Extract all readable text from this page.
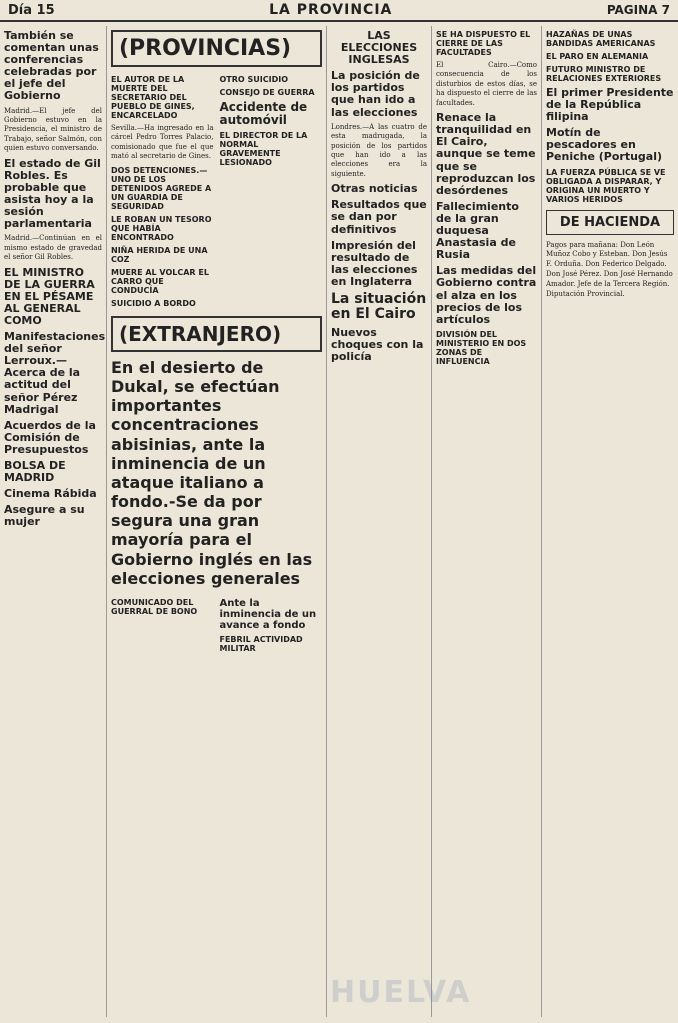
Día 15	LA PROVINCIA	PAGINA 7
También se comentan unas conferencias celebradas por el jefe del Gobierno

Madrid.—El jefe del Gobierno estuvo en la Presidencia, el ministro de Trabajo, señor Salmón, con quien estuvo conversando.

El estado de Gil Robles. Es probable que asista hoy a la sesión parlamentaria

Madrid.—Continúan en el mismo estado de gravedad el señor Gil Robles.

EL MINISTRO DE LA GUERRA EN EL PÉSAME AL GENERAL COMO
Manifestaciones del señor Lerroux.—Acerca de la actitud del señor Pérez Madrigal
Acuerdos de la Comisión de Presupuestos
BOLSA DE MADRID
Cinema Rábida
Asegure a su mujer
(PROVINCIAS)
EL AUTOR DE LA MUERTE DEL SECRETARIO DEL PUEBLO DE GINES, ENCARCELADO

Sevilla.—Ha ingresado en la cárcel Pedro Torres Palacio, comisionado que fue el que mató al secretario de Gines.

DOS DETENCIONES.—UNO DE LOS DETENIDOS AGREDE A UN GUARDIA DE SEGURIDAD
LE ROBAN UN TESORO QUE HABÍA ENCONTRADO
NIÑA HERIDA DE UNA COZ
MUERE AL VOLCAR EL CARRO QUE CONDUCÍA
SUICIDIO A BORDO
OTRO SUICIDIO
CONSEJO DE GUERRA
Accidente de automóvil
EL DIRECTOR DE LA NORMAL GRAVEMENTE LESIONADO
(EXTRANJERO)
En el desierto de Dukal, se efectúan importantes concentraciones abisinias, ante la inminencia de un ataque italiano a fondo.-Se da por segura una gran mayoría para el Gobierno inglés en las elecciones generales
COMUNICADO DEL GUERRAL DE BONO
Ante la inminencia de un avance a fondo
FEBRIL ACTIVIDAD MILITAR
LAS ELECCIONES INGLESAS
La posición de los partidos que han ido a las elecciones

Londres.—A las cuatro de esta madrugada, la posición de los partidos que han ido a las elecciones era la siguiente.

Otras noticias
Resultados que se dan por definitivos
Impresión del resultado de las elecciones en Inglaterra
La situación en El Cairo
Nuevos choques con la policía
SE HA DISPUESTO EL CIERRE DE LAS FACULTADES

El Cairo.—Como consecuencia de los disturbios de estos días, se ha dispuesto el cierre de las facultades.

Renace la tranquilidad en El Cairo, aunque se teme que se reproduzcan los desórdenes
Fallecimiento de la gran duquesa Anastasia de Rusia
Las medidas del Gobierno contra el alza en los precios de los artículos
DIVISIÓN DEL MINISTERIO EN DOS ZONAS DE INFLUENCIA
HAZAÑAS DE UNAS BANDIDAS AMERICANAS
EL PARO EN ALEMANIA
FUTURO MINISTRO DE RELACIONES EXTERIORES
El primer Presidente de la República filipina
Motín de pescadores en Peniche (Portugal)
LA FUERZA PÚBLICA SE VE OBLIGADA A DISPARAR, Y ORIGINA UN MUERTO Y VARIOS HERIDOS
DE HACIENDA
Pagos para mañana: Don León Muñoz Cobo y Esteban. Don Jesús F. Orduña. Don Federico Delgado. Don José Pérez. Don José Hernando Amador. Jefe de la Tercera Región. Diputación Provincial.
HUELVA
